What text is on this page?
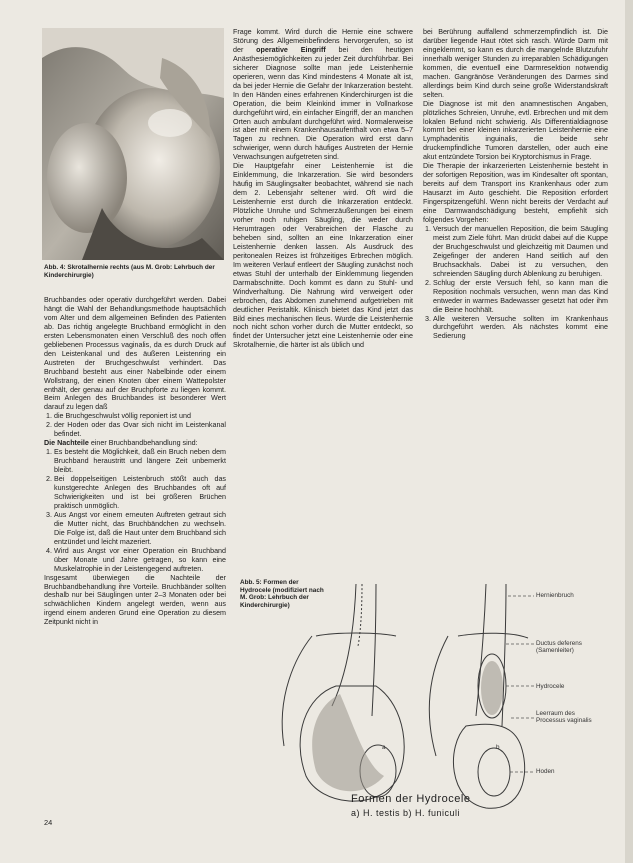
Abb. 4: Skrotalhernie rechts (aus M. Grob: Lehrbuch der Kinderchirurgie)

Bruchbandes oder operativ durchgeführt werden. Dabei hängt die Wahl der Behandlungsmethode hauptsächlich vom Alter und dem allgemeinen Befinden des Patienten ab. Das richtig angelegte Bruchband ermöglicht in den ersten Lebensmonaten einen Verschluß des noch offen gebliebenen Processus vaginalis, da es durch Druck auf den Leistenkanal und des äußeren Leistenring ein Austreten der Bruchgeschwulst verhindert. Das Bruchband besteht aus einer Nabelbinde oder einem Wollstrang, der einen Knoten über einem Wattepolster enthält, der genau auf der Bruchpforte zu liegen kommt. Beim Anlegen des Bruchbandes ist besonderer Wert darauf zu legen daß

1. die Bruchgeschwulst völlig reponiert ist und
2. der Hoden oder das Ovar sich nicht im Leistenkanal befindet.

Die Nachteile einer Bruchbandbehandlung sind:

1. Es besteht die Möglichkeit, daß ein Bruch neben dem Bruchband heraustritt und längere Zeit unbemerkt bleibt.
2. Bei doppelseitigen Leistenbruch stößt auch das kunstgerechte Anlegen des Bruchbandes oft auf Schwierigkeiten und ist bei größeren Brüchen praktisch unmöglich.
3. Aus Angst vor einem erneuten Auftreten getraut sich die Mutter nicht, das Bruchbändchen zu wechseln. Die Folge ist, daß die Haut unter dem Bruchband sich entzündet und leicht mazeriert.
4. Wird aus Angst vor einer Operation ein Bruchband über Monate und Jahre getragen, so kann eine Muskelatrophie in der Leistengegend auftreten.

Insgesamt überwiegen die Nachteile der Bruchbandbehandlung ihre Vorteile. Bruchbänder sollten deshalb nur bei Säuglingen unter 2–3 Monaten oder bei schwächlichen Kindern angelegt werden, wenn aus irgend einem anderen Grund eine Operation zu diesem Zeitpunkt nicht in

Frage kommt. Wird durch die Hernie eine schwere Störung des Allgemeinbefindens hervorgerufen, so ist der operative Eingriff bei den heutigen Anästhesiemöglichkeiten zu jeder Zeit durchführbar. Bei sicherer Diagnose sollte man jede Leistenhernie operieren, wenn das Kind mindestens 4 Monate alt ist, da bei jeder Hernie die Gefahr der Inkarzeration besteht. In den Händen eines erfahrenen Kinderchirurgen ist die Operation, die beim Kleinkind immer in Vollnarkose durchgeführt wird, ein einfacher Eingriff, der an manchen Orten auch ambulant durchgeführt wird. Normalerweise ist aber mit einem Krankenhausaufenthalt von etwa 5–7 Tagen zu rechnen. Die Operation wird erst dann schwieriger, wenn durch häufiges Austreten der Hernie Verwachsungen aufgetreten sind.

Die Hauptgefahr einer Leistenhernie ist die Einklemmung, die Inkarzeration. Sie wird besonders häufig im Säuglingsalter beobachtet, während sie nach dem 2. Lebensjahr seltener wird. Oft wird die Leistenhernie erst durch die Inkarzeration entdeckt. Plötzliche Unruhe und Schmerzäußerungen bei einem vorher noch ruhigen Säugling, die weder durch Herumtragen oder Verabreichen der Flasche zu beheben sind, sollten an eine Inkarzeration einer Leistenhernie denken lassen. Als Ausdruck des peritonealen Reizes ist frühzeitiges Erbrechen möglich. Im weiteren Verlauf entleert der Säugling zunächst noch etwas Stuhl der unterhalb der Einklemmung liegenden Darmabschnitte. Doch kommt es dann zu Stuhl- und Windverhaltung. Die Nahrung wird verweigert oder erbrochen, das Abdomen zunehmend aufgetrieben mit deutlicher Peristaltik. Klinisch bietet das Kind jetzt das Bild eines mechanischen Ileus. Wurde die Leistenhernie noch nicht schon vorher durch die Mutter entdeckt, so findet der Untersucher jetzt eine Leistenhernie oder eine Skrotalhernie, die härter ist als üblich und

bei Berührung auffallend schmerzempfindlich ist. Die darüber liegende Haut rötet sich rasch. Würde Darm mit eingeklemmt, so kann es durch die mangelnde Blutzufuhr innerhalb weniger Stunden zu irreparablen Schädigungen kommen, die eventuell eine Darmresektion notwendig machen. Gangränöse Veränderungen des Darmes sind allerdings beim Kind durch seine große Widerstandskraft selten.

Die Diagnose ist mit den anamnestischen Angaben, plötzliches Schreien, Unruhe, evtl. Erbrechen und mit dem lokalen Befund nicht schwierig. Als Differentialdiagnose kommt bei einer kleinen inkarzerierten Leistenhernie eine Lymphadenitis inguinalis, die beide sehr druckempfindliche Tumoren darstellen, oder auch eine akut entzündete Torsion bei Kryptorchismus in Frage.

Die Therapie der inkarzerierten Leistenhernie besteht in der sofortigen Reposition, was im Kindesalter oft spontan, bereits auf dem Transport ins Krankenhaus oder zum Hausarzt im Auto geschieht. Die Reposition erfordert Fingerspitzengefühl. Wenn nicht bereits der Verdacht auf eine Darmwandschädigung besteht, empfiehlt sich folgendes Vorgehen:

1. Versuch der manuellen Reposition, die beim Säugling meist zum Ziele führt. Man drückt dabei auf die Kuppe der Bruchgeschwulst und gleichzeitig mit Daumen und Zeigefinger der anderen Hand seitlich auf den Bruchsackhals. Dabei ist zu versuchen, den schreienden Säugling durch Ablenkung zu beruhigen.
2. Schlug der erste Versuch fehl, so kann man die Reposition nochmals versuchen, wenn man das Kind entweder in warmes Badewasser gesetzt hat oder ihm die Beine hochhält.
3. Alle weiteren Versuche sollten im Krankenhaus durchgeführt werden. Als nächstes kommt eine Sedierung
Abb. 5: Formen der Hydrocele (modifiziert nach M. Grob: Lehrbuch der Kinderchirurgie)
Hernienbruch
Ductus deferens (Samenleiter)
Hydrocele
Leerraum des Processus vaginalis
Hoden
a	b
Formen der Hydrocele
a) H. testis b) H. funiculi
24
